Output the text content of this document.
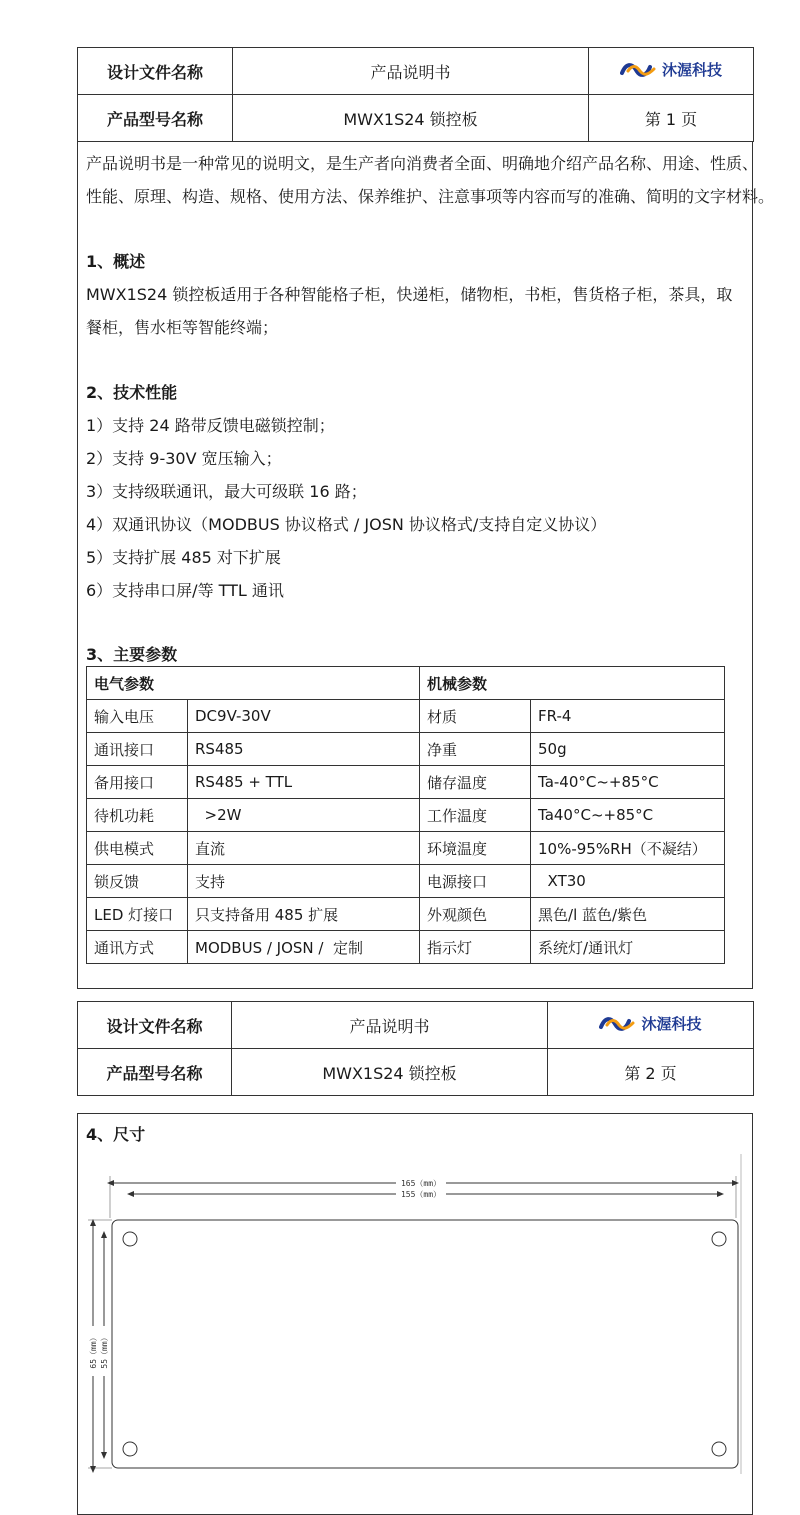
设计文件名称	产品说明书	沐渥科技

产品型号名称	MWX1S24 锁控板	第 1 页

产品说明书是一种常见的说明文，是生产者向消费者全面、明确地介绍产品名称、用途、性质、

性能、原理、构造、规格、使用方法、保养维护、注意事项等内容而写的准确、简明的文字材料。

1、概述

MWX1S24 锁控板适用于各种智能格子柜，快递柜，储物柜，书柜，售货格子柜，茶具，取餐柜，售水柜等智能终端；

2、技术性能

1）支持 24 路带反馈电磁锁控制；

2）支持 9-30V 宽压输入；

3）支持级联通讯，最大可级联 16 路；

4）双通讯协议（MODBUS 协议格式 / JOSN 协议格式/支持自定义协议）

5）支持扩展 485 对下扩展

6）支持串口屏/等 TTL 通讯

3、主要参数

电气参数		机械参数	
输入电压	DC9V-30V	材质	FR-4
通讯接口	RS485	净重	50g
备用接口	RS485 + TTL	储存温度	Ta-40°C~+85°C
待机功耗	>2W	工作温度	Ta40°C~+85°C
供电模式	直流	环境温度	10%-95%RH（不凝结）
锁反馈	支持	电源接口	XT30
LED 灯接口	只支持备用 485 扩展	外观颜色	黑色/l 蓝色/紫色
通讯方式	MODBUS / JOSN /  定制	指示灯	系统灯/通讯灯
设计文件名称	产品说明书	沐渥科技

产品型号名称	MWX1S24 锁控板	第 2 页
4、尺寸
165（mm）
155（mm）
65（mm） 55（mm）
